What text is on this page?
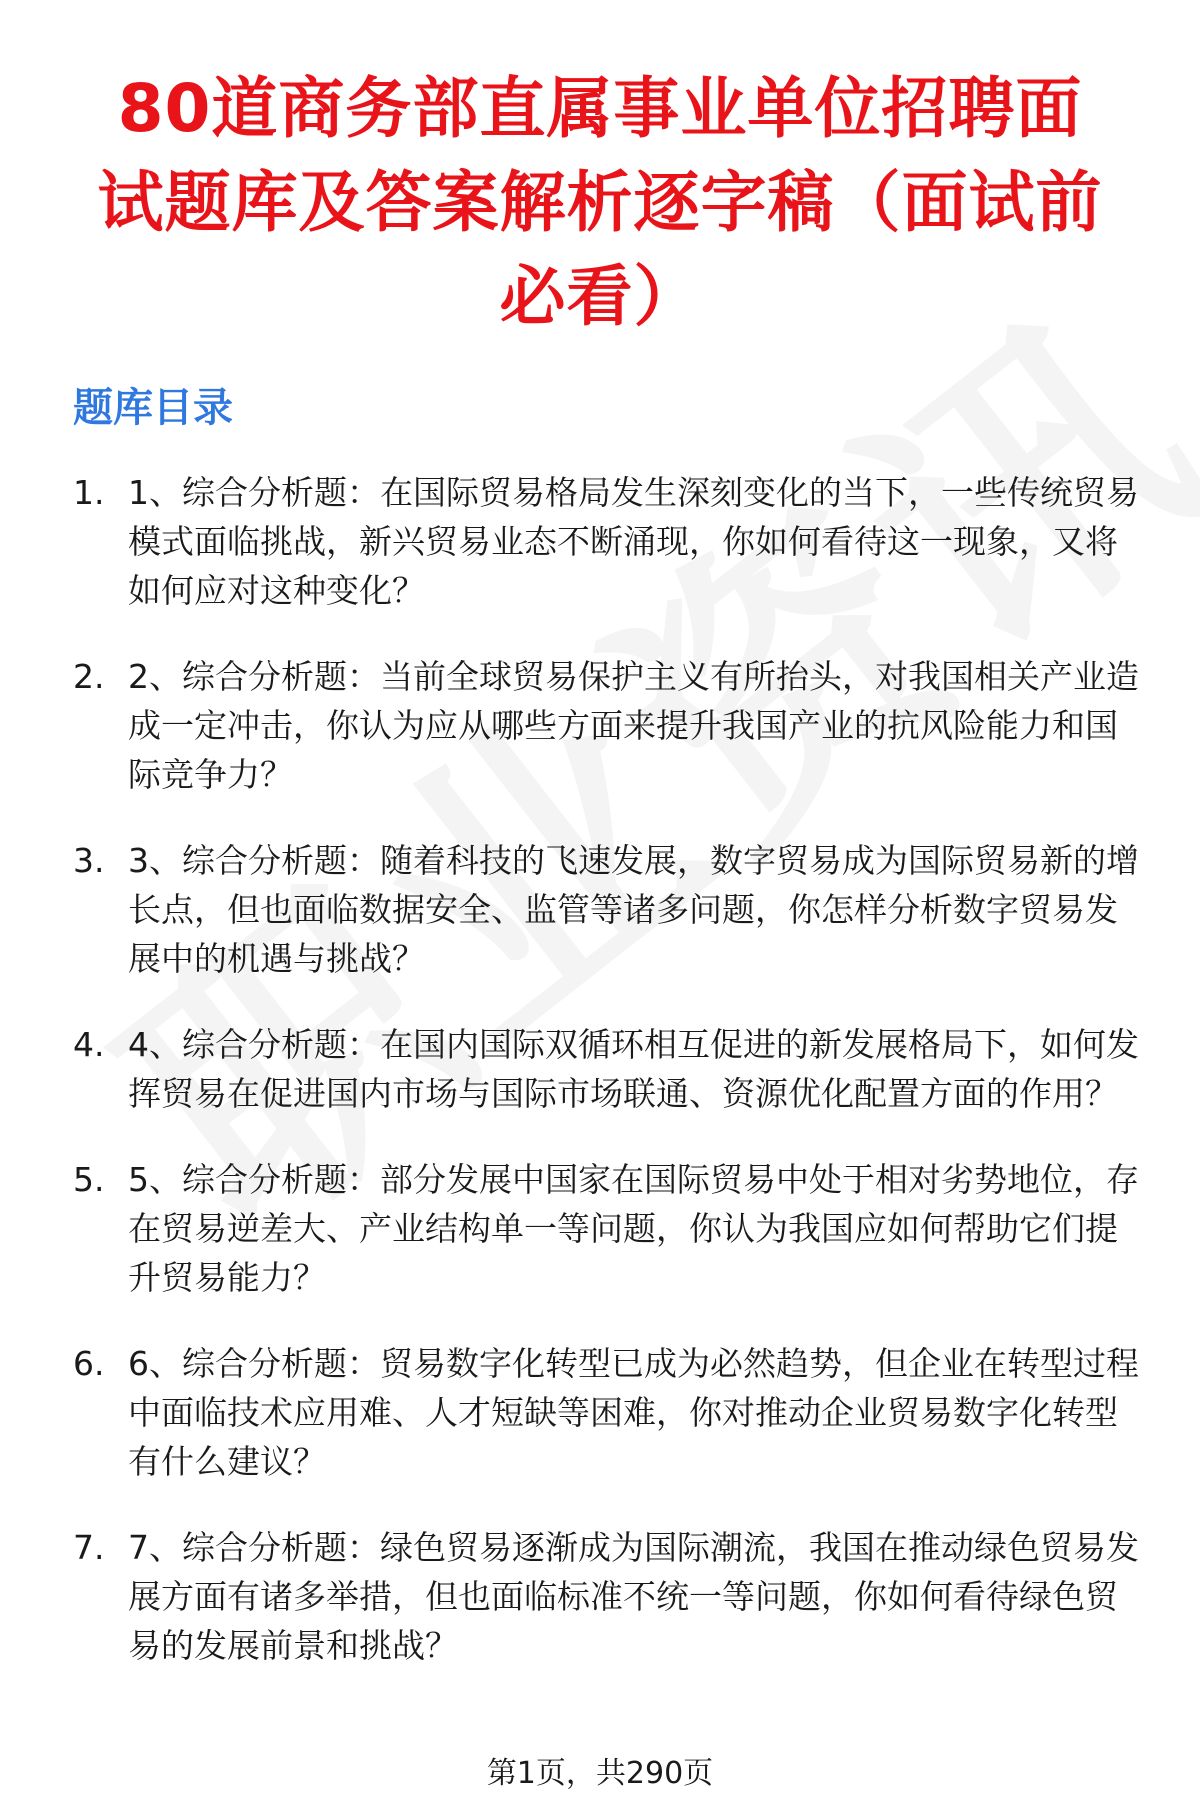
80道商务部直属事业单位招聘面试题库及答案解析逐字稿（面试前必看）
题库目录
1. 1、综合分析题：在国际贸易格局发生深刻变化的当下，一些传统贸易模式面临挑战，新兴贸易业态不断涌现，你如何看待这一现象，又将如何应对这种变化？
2. 2、综合分析题：当前全球贸易保护主义有所抬头，对我国相关产业造成一定冲击，你认为应从哪些方面来提升我国产业的抗风险能力和国际竞争力？
3. 3、综合分析题：随着科技的飞速发展，数字贸易成为国际贸易新的增长点，但也面临数据安全、监管等诸多问题，你怎样分析数字贸易发展中的机遇与挑战？
4. 4、综合分析题：在国内国际双循环相互促进的新发展格局下，如何发挥贸易在促进国内市场与国际市场联通、资源优化配置方面的作用？
5. 5、综合分析题：部分发展中国家在国际贸易中处于相对劣势地位，存在贸易逆差大、产业结构单一等问题，你认为我国应如何帮助它们提升贸易能力？
6. 6、综合分析题：贸易数字化转型已成为必然趋势，但企业在转型过程中面临技术应用难、人才短缺等困难，你对推动企业贸易数字化转型有什么建议？
7. 7、综合分析题：绿色贸易逐渐成为国际潮流，我国在推动绿色贸易发展方面有诸多举措，但也面临标准不统一等问题，你如何看待绿色贸易的发展前景和挑战？
第1页，共290页
